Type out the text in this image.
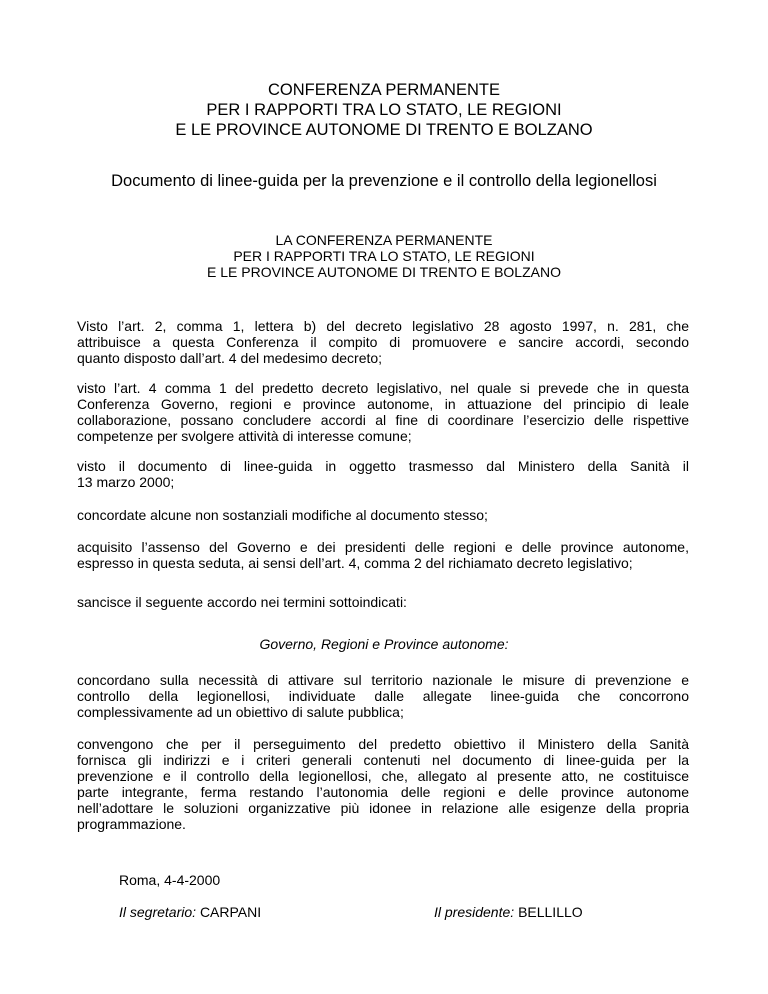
CONFERENZA PERMANENTE
PER I RAPPORTI TRA LO STATO, LE REGIONI
E LE PROVINCE AUTONOME DI TRENTO E BOLZANO
Documento di linee-guida per la prevenzione e il controllo della legionellosi
LA CONFERENZA PERMANENTE
PER I RAPPORTI TRA LO STATO, LE REGIONI
E LE PROVINCE AUTONOME DI TRENTO E BOLZANO
Visto l’art. 2, comma 1, lettera b) del decreto legislativo 28 agosto 1997, n. 281, che
attribuisce a questa Conferenza il compito di promuovere e sancire accordi, secondo
quanto disposto dall’art. 4 del medesimo decreto;
visto l’art. 4 comma 1 del predetto decreto legislativo, nel quale si prevede che in questa
Conferenza Governo, regioni e province autonome, in attuazione del principio di leale
collaborazione, possano concludere accordi al fine di coordinare l’esercizio delle rispettive
competenze per svolgere attività di interesse comune;
visto il documento di linee-guida in oggetto trasmesso dal Ministero della Sanità il
13 marzo 2000;
concordate alcune non sostanziali modifiche al documento stesso;
acquisito l’assenso del Governo e dei presidenti delle regioni e delle province autonome,
espresso in questa seduta, ai sensi dell’art. 4, comma 2 del richiamato decreto legislativo;
sancisce il seguente accordo nei termini sottoindicati:
Governo, Regioni e Province autonome:
concordano sulla necessità di attivare sul territorio nazionale le misure di prevenzione e
controllo della legionellosi, individuate dalle allegate linee-guida che concorrono
complessivamente ad un obiettivo di salute pubblica;
convengono che per il perseguimento del predetto obiettivo il Ministero della Sanità
fornisca gli indirizzi e i criteri generali contenuti nel documento di linee-guida per la
prevenzione e il controllo della legionellosi, che, allegato al presente atto, ne costituisce
parte integrante, ferma restando l’autonomia delle regioni e delle province autonome
nell’adottare le soluzioni organizzative più idonee in relazione alle esigenze della propria
programmazione.
Roma, 4-4-2000
Il segretario: CARPANI	Il presidente: BELLILLO
